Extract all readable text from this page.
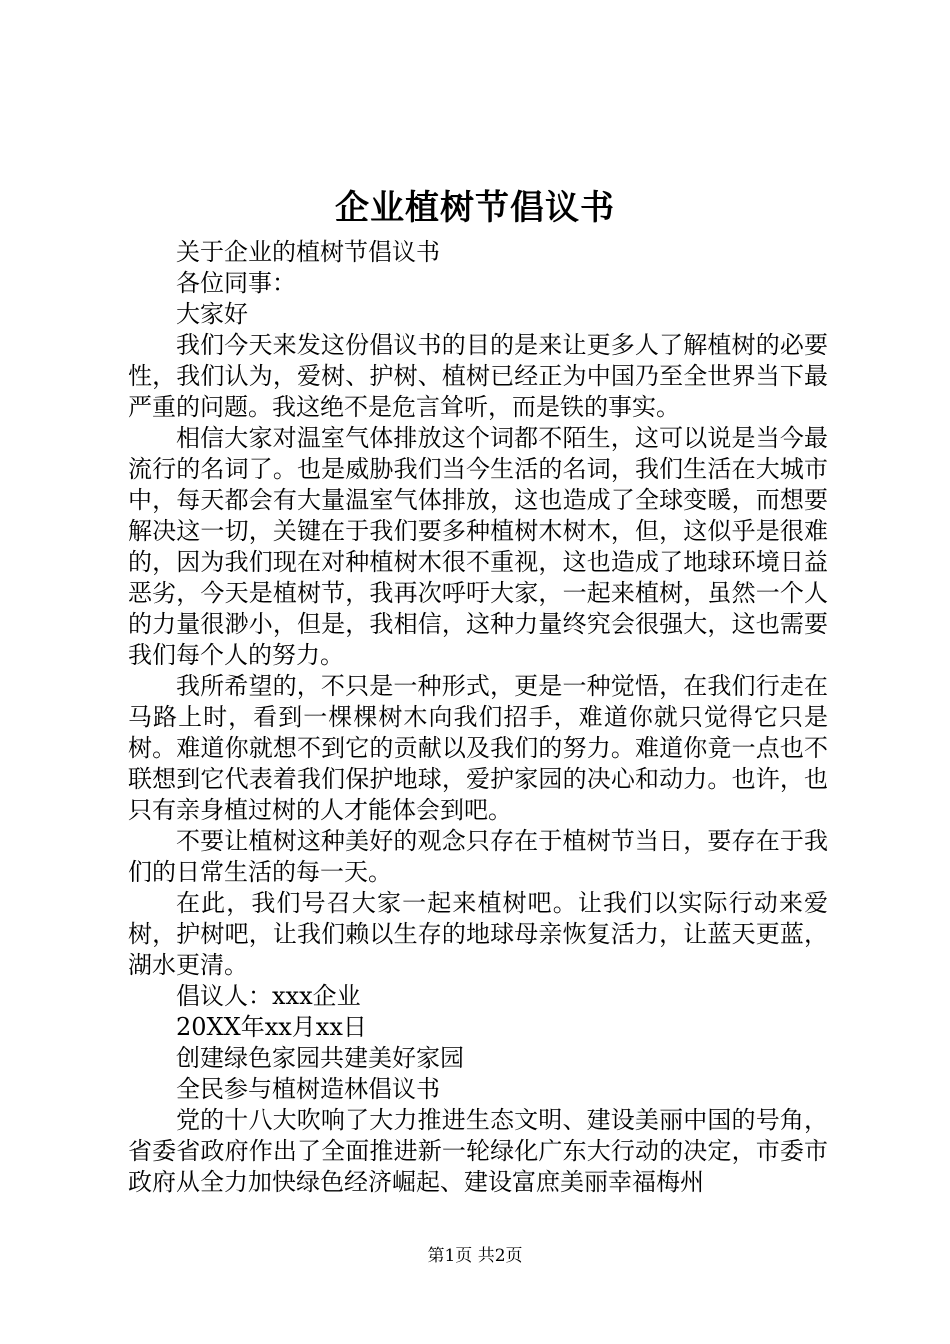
企业植树节倡议书

关于企业的植树节倡议书

各位同事：

大家好

我们今天来发这份倡议书的目的是来让更多人了解植树的必要性，我们认为，爱树、护树、植树已经正为中国乃至全世界当下最严重的问题。我这绝不是危言耸听，而是铁的事实。

相信大家对温室气体排放这个词都不陌生，这可以说是当今最流行的名词了。也是威胁我们当今生活的名词，我们生活在大城市中，每天都会有大量温室气体排放，这也造成了全球变暖，而想要解决这一切，关键在于我们要多种植树木树木，但，这似乎是很难的，因为我们现在对种植树木很不重视，这也造成了地球环境日益恶劣，今天是植树节，我再次呼吁大家，一起来植树，虽然一个人的力量很渺小，但是，我相信，这种力量终究会很强大，这也需要我们每个人的努力。

我所希望的，不只是一种形式，更是一种觉悟，在我们行走在马路上时，看到一棵棵树木向我们招手，难道你就只觉得它只是树。难道你就想不到它的贡献以及我们的努力。难道你竟一点也不联想到它代表着我们保护地球，爱护家园的决心和动力。也许，也只有亲身植过树的人才能体会到吧。

不要让植树这种美好的观念只存在于植树节当日，要存在于我们的日常生活的每一天。

在此，我们号召大家一起来植树吧。让我们以实际行动来爱树，护树吧，让我们赖以生存的地球母亲恢复活力，让蓝天更蓝，湖水更清。

倡议人：xxx企业

20XX年xx月xx日

创建绿色家园共建美好家园

全民参与植树造林倡议书

党的十八大吹响了大力推进生态文明、建设美丽中国的号角，省委省政府作出了全面推进新一轮绿化广东大行动的决定，市委市政府从全力加快绿色经济崛起、建设富庶美丽幸福梅州

第1页 共2页
